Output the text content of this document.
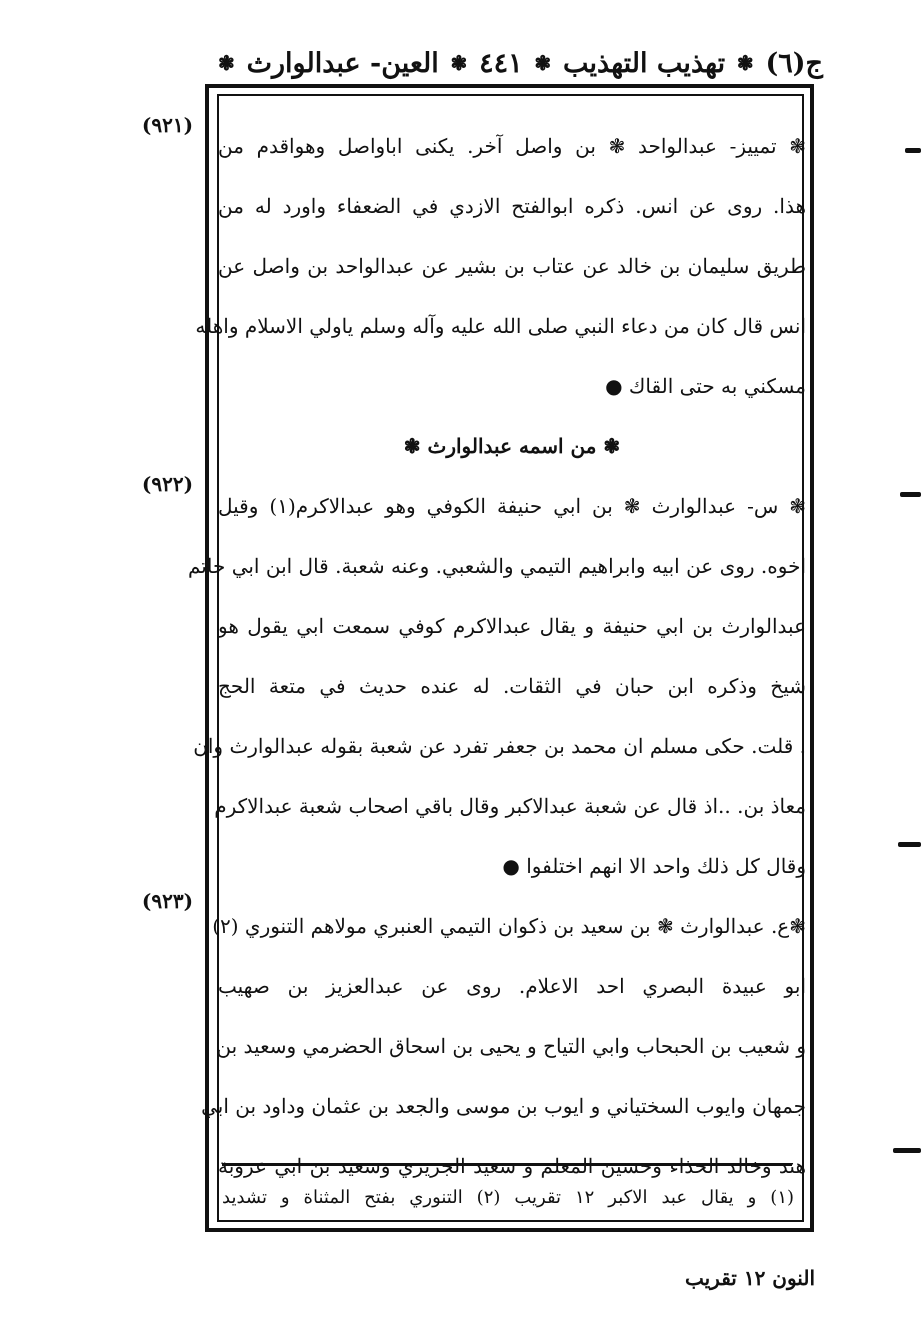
ج(٦)
❃
تهذيب التهذيب
❃
٤٤١
❃
العين- عبدالوارث
❃
(٩٢١)
(٩٢٢)
(٩٢٣)
❃ تمييز- عبدالواحد ❃ بن واصل آخر. يكنى اباواصل وهواقدم من
هذا. روى عن انس. ذكره ابوالفتح الازدي في الضعفاء واورد له من
طريق سليمان بن خالد عن عتاب بن بشير عن عبدالواحد بن واصل عن
انس قال كان من دعاء النبي صلى الله عليه وآله وسلم ياولي الاسلام واهله
مسكني به حتى القاك ●
❃ من اسمه عبدالوارث ❃
❃ س- عبدالوارث ❃ بن ابي حنيفة الكوفي وهو عبدالاكرم(١) وقيل
اخوه. روى عن ابيه وابراهيم التيمي والشعبي. وعنه شعبة. قال ابن ابي حاتم
عبدالوارث بن ابي حنيفة و يقال عبدالاكرم كوفي سمعت ابي يقول هو
شيخ وذكره ابن حبان في الثقات. له عنده حديث في متعة الحج
. قلت. حكى مسلم ان محمد بن جعفر تفرد عن شعبة بقوله عبدالوارث وان
معاذ بن. ..اذ قال عن شعبة عبدالاكبر وقال باقي اصحاب شعبة عبدالاكرم
وقال كل ذلك واحد الا انهم اختلفوا ●
❃ع. عبدالوارث ❃ بن سعيد بن ذكوان التيمي العنبري مولاهم التنوري (٢)
ابو عبيدة البصري احد الاعلام. روى عن عبدالعزيز بن صهيب
و شعيب بن الحبحاب وابي التياح و يحيى بن اسحاق الحضرمي وسعيد بن
جمهان وايوب السختياني و ايوب بن موسى والجعد بن عثمان وداود بن ابي
هند وخالد الحذاء وحسين المعلم و سعيد الجريري وسعيد بن ابي عروبة
(١) و يقال عبد الاكبر ١٢ تقريب (٢) التنوري بفتح المثناة و تشديد
النون ١٢ تقريب
